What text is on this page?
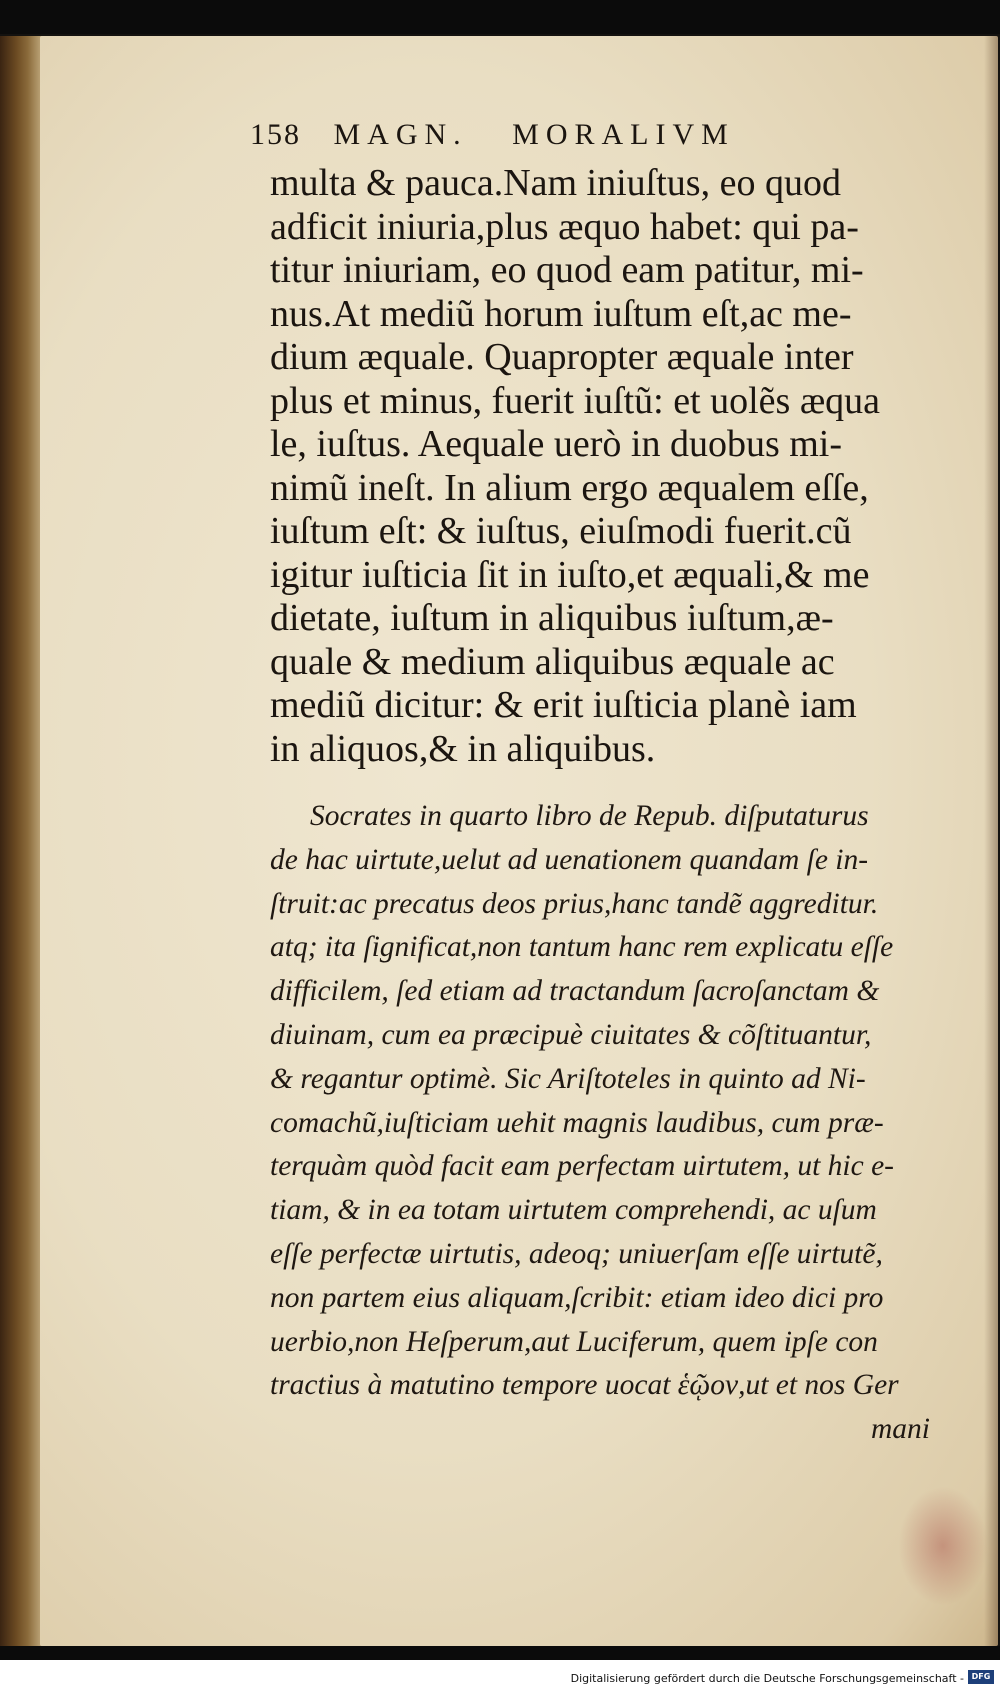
158 MAGN. MORALIVM
multa & pauca.Nam iniuſtus, eo quod
adficit iniuria,plus æquo habet: qui pa-
titur iniuriam, eo quod eam patitur, mi-
nus.At mediũ horum iuſtum eſt,ac me-
dium æquale. Quapropter æquale inter
plus et minus, fuerit iuſtũ: et uolẽs æqua
le, iuſtus. Aequale uerò in duobus mi-
nimũ ineſt. In alium ergo æqualem eſſe,
iuſtum eſt: & iuſtus, eiuſmodi fuerit.cũ
igitur iuſticia ſit in iuſto,et æquali,& me
dietate, iuſtum in aliquibus iuſtum,æ-
quale & medium aliquibus æquale ac
mediũ dicitur: & erit iuſticia planè iam
in aliquos,& in aliquibus.
Socrates in quarto libro de Repub. diſputaturus
de hac uirtute,uelut ad uenationem quandam ſe in-
ſtruit:ac precatus deos prius,hanc tandẽ aggreditur.
atq; ita ſignificat,non tantum hanc rem explicatu eſſe
difficilem, ſed etiam ad tractandum ſacroſanctam &
diuinam, cum ea præcipuè ciuitates & cõſtituantur,
& regantur optimè. Sic Ariſtoteles in quinto ad Ni-
comachũ,iuſticiam uehit magnis laudibus, cum præ-
terquàm quòd facit eam perfectam uirtutem, ut hic e-
tiam, & in ea totam uirtutem comprehendi, ac uſum
eſſe perfectæ uirtutis, adeoq; uniuerſam eſſe uirtutẽ,
non partem eius aliquam,ſcribit: etiam ideo dici pro
uerbio,non Heſperum,aut Luciferum, quem ipſe con
tractius à matutino tempore uocat ἑῷον,ut et nos Ger
mani
Digitalisierung gefördert durch die Deutsche Forschungsgemeinschaft - DFG
